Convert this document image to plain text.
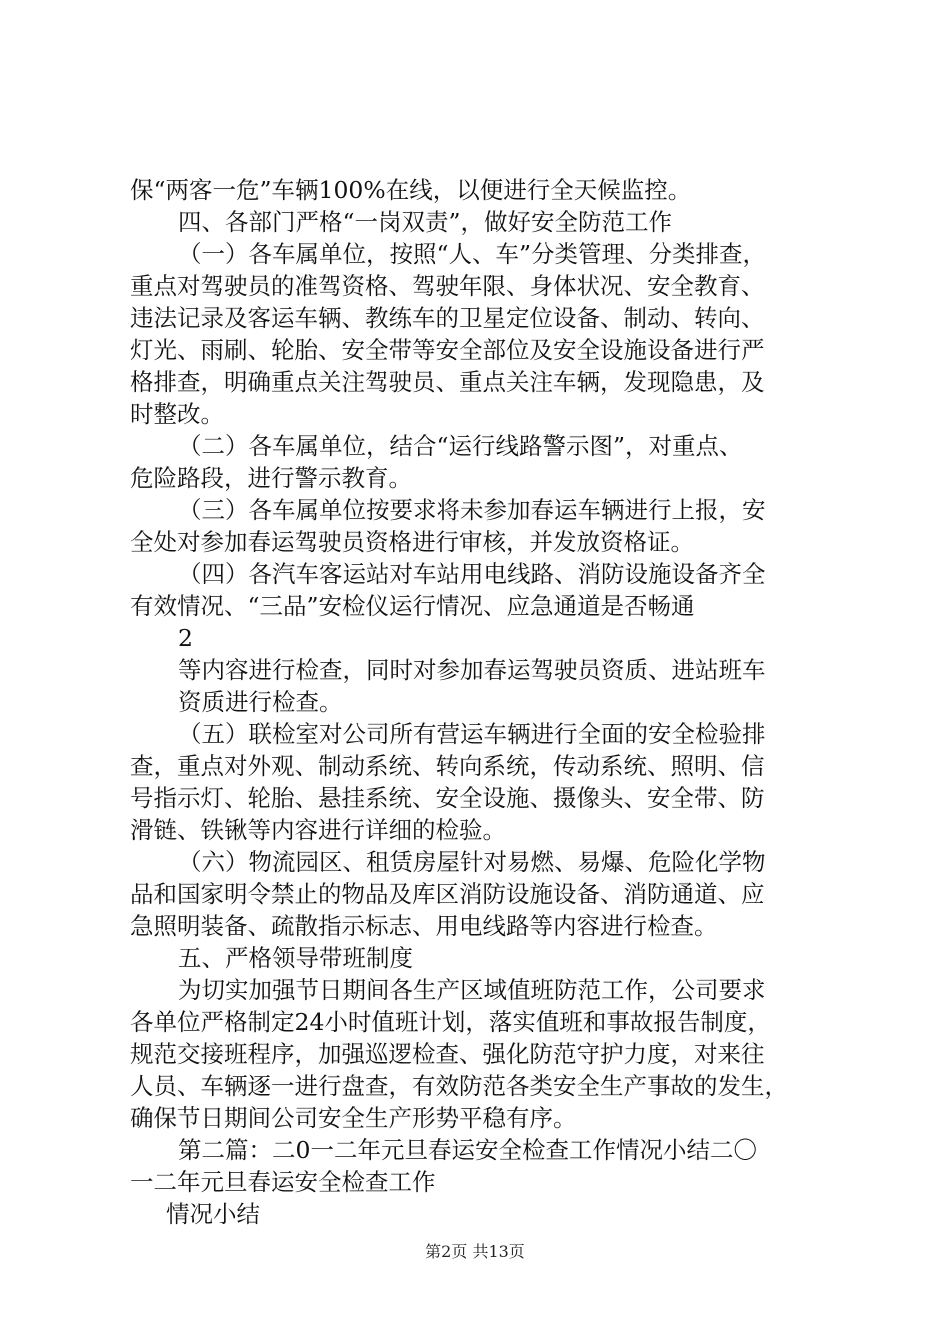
保“两客一危”车辆100%在线，以便进行全天候监控。
四、各部门严格“一岗双责”，做好安全防范工作
（一）各车属单位，按照“人、车”分类管理、分类排查，
重点对驾驶员的准驾资格、驾驶年限、身体状况、安全教育、
违法记录及客运车辆、教练车的卫星定位设备、制动、转向、
灯光、雨刷、轮胎、安全带等安全部位及安全设施设备进行严
格排查，明确重点关注驾驶员、重点关注车辆，发现隐患，及
时整改。
（二）各车属单位，结合“运行线路警示图”，对重点、
危险路段，进行警示教育。
（三）各车属单位按要求将未参加春运车辆进行上报，安
全处对参加春运驾驶员资格进行审核，并发放资格证。
（四）各汽车客运站对车站用电线路、消防设施设备齐全
有效情况、“三品”安检仪运行情况、应急通道是否畅通
2
等内容进行检查，同时对参加春运驾驶员资质、进站班车
资质进行检查。
（五）联检室对公司所有营运车辆进行全面的安全检验排
查，重点对外观、制动系统、转向系统，传动系统、照明、信
号指示灯、轮胎、悬挂系统、安全设施、摄像头、安全带、防
滑链、铁锹等内容进行详细的检验。
（六）物流园区、租赁房屋针对易燃、易爆、危险化学物
品和国家明令禁止的物品及库区消防设施设备、消防通道、应
急照明装备、疏散指示标志、用电线路等内容进行检查。
五、严格领导带班制度
为切实加强节日期间各生产区域值班防范工作，公司要求
各单位严格制定24小时值班计划，落实值班和事故报告制度，
规范交接班程序，加强巡逻检查、强化防范守护力度，对来往
人员、车辆逐一进行盘查，有效防范各类安全生产事故的发生，
确保节日期间公司安全生产形势平稳有序。
第二篇：二0一二年元旦春运安全检查工作情况小结二〇
一二年元旦春运安全检查工作
情况小结
第2页 共13页
